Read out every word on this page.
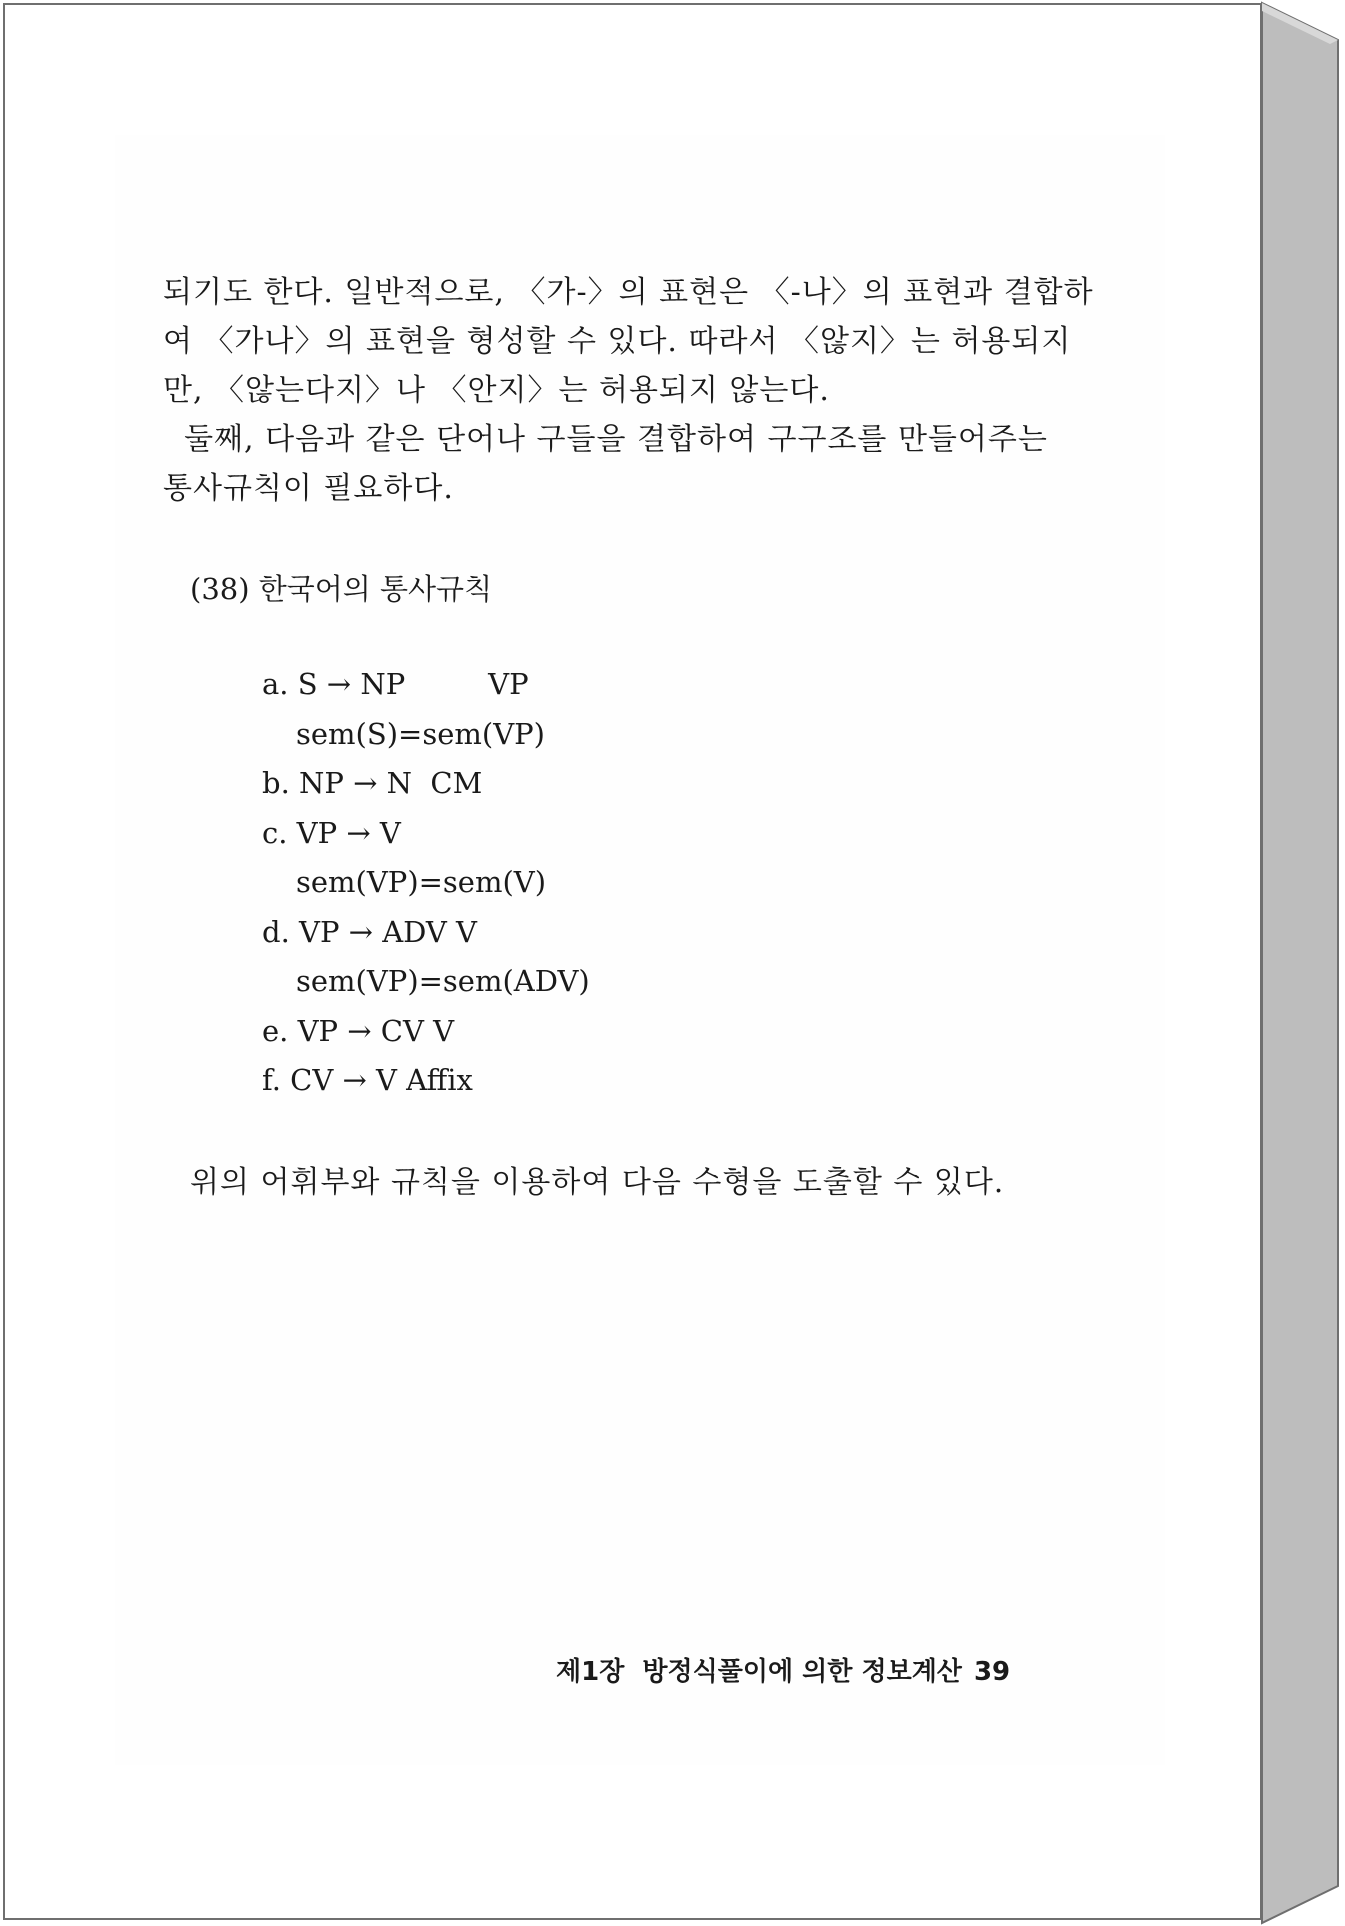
되기도 한다. 일반적으로, 〈가-〉의 표현은 〈-나〉의 표현과 결합하
여 〈가나〉의 표현을 형성할 수 있다. 따라서 〈않지〉는 허용되지
만, 〈않는다지〉나 〈안지〉는 허용되지 않는다.
둘째, 다음과 같은 단어나 구들을 결합하여 구구조를 만들어주는
통사규칙이 필요하다.

(38) 한국어의 통사규칙

a. S → NP         VP
sem(S)=sem(VP)
b. NP → N  CM
c. VP → V
sem(VP)=sem(V)
d. VP → ADV V
sem(VP)=sem(ADV)
e. VP → CV V
f. CV → V Affix

위의 어휘부와 규칙을 이용하여 다음 수형을 도출할 수 있다.

제1장  방정식풀이에 의한 정보계산 39
